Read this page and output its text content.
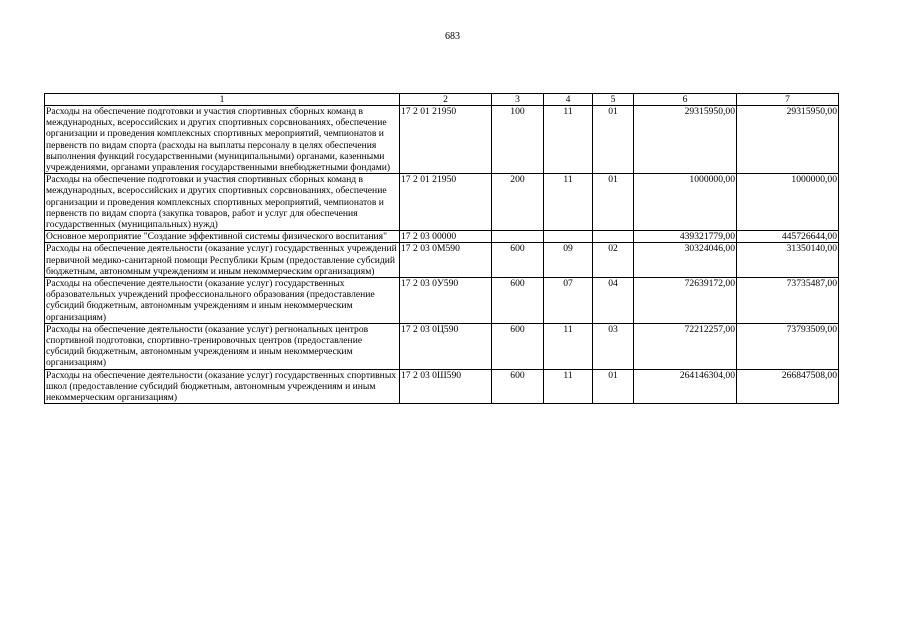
683
1	2	3	4	5	6	7
Расходы на обеспечение подготовки и участия спортивных сборных команд в международных, всероссийских и других спортивных сорсвнованиях, обеспечение организации и проведения комплексных спортивных мероприятий, чемпионатов и первенств по видам спорта (расходы на выплаты персоналу в целях обеспечения выполнения функций государственными (муниципальными) органами, казенными учреждениями, органами управления государственными внебюджетными фондами)	17 2 01 21950	100	11	01	29315950,00	29315950,00
Расходы на обеспечение подготовки и участия спортивных сборных команд в международных, всероссийских и других спортивных сорсвнованиях, обеспечение организации и проведения комплексных спортивных мероприятий, чемпионатов и первенств по видам спорта (закупка товаров, работ и услуг для обеспечения государственных (муниципальных) нужд)	17 2 01 21950	200	11	01	1000000,00	1000000,00
Основное мероприятие "Создание эффективной системы физического воспитания"	17 2 03 00000				439321779,00	445726644,00
Расходы на обеспечение деятельности (оказание услуг) государственных учреждений первичной медико-санитарной помощи Республики Крым (предоставление субсидий бюджетным, автономным учреждениям и иным некоммерческим организациям)	17 2 03 0М590	600	09	02	30324046,00	31350140,00
Расходы на обеспечение деятельности (оказание услуг) государственных образовательных учреждений профессионального образования (предоставление субсидий бюджетным, автономным учреждениям и иным некоммерческим организациям)	17 2 03 0У590	600	07	04	72639172,00	73735487,00
Расходы на обеспечение деятельности (оказание услуг) регнональных центров спортивной подготовки, спортивно-тренировочных центров (предоставление субсидий бюджетным, автономным учреждениям и иным некоммерческим организациям)	17 2 03 0Ц590	600	11	03	72212257,00	73793509,00
Расходы на обеспечение деятельности (оказание услуг) государственных спортивных школ (предоставление субсидий бюджетным, автономным учреждениям и иным некоммерческим организациям)	17 2 03 0Ш590	600	11	01	264146304,00	266847508,00
